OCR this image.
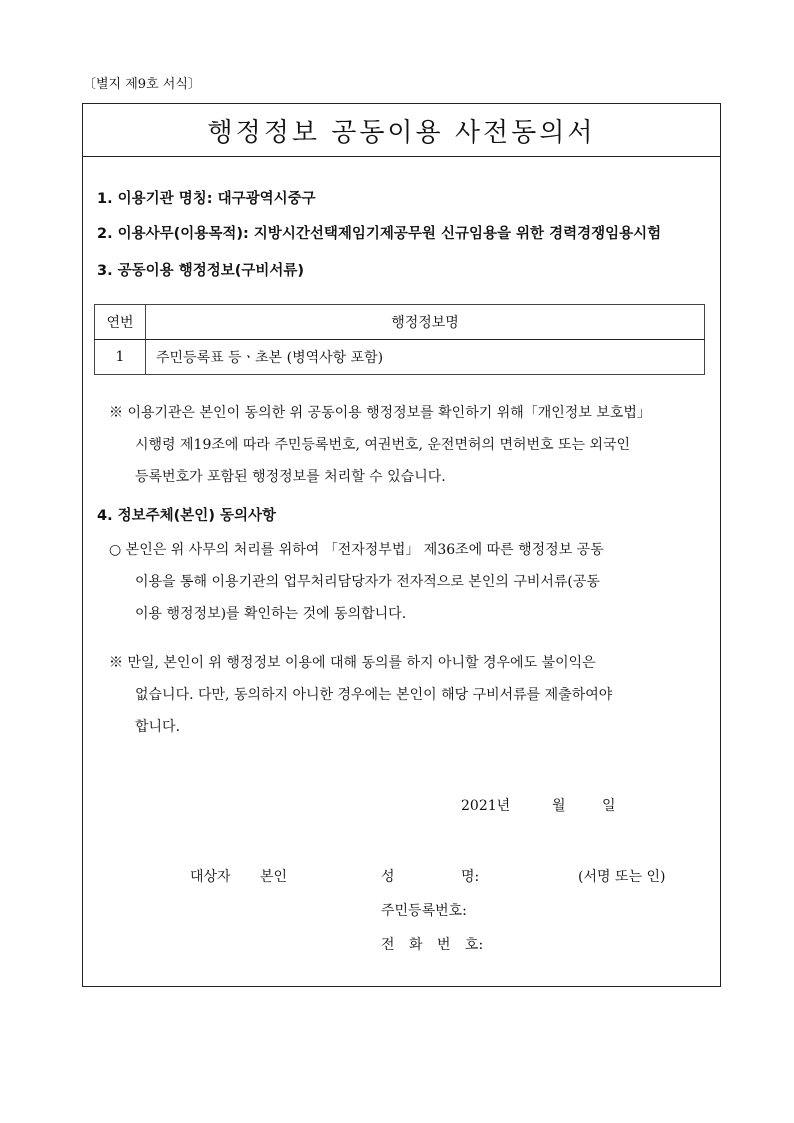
〔별지 제9호 서식〕
행정정보 공동이용 사전동의서
1. 이용기관 명칭: 대구광역시중구
2. 이용사무(이용목적): 지방시간선택제임기제공무원 신규임용을 위한 경력경쟁임용시험
3. 공동이용 행정정보(구비서류)
연번	행정정보명
1	주민등록표 등ㆍ초본 (병역사항 포함)
※ 이용기관은 본인이 동의한 위 공동이용 행정정보를 확인하기 위해「개인정보 보호법」
시행령 제19조에 따라 주민등록번호, 여권번호, 운전면허의 면허번호 또는 외국인
등록번호가 포함된 행정정보를 처리할 수 있습니다.
4. 정보주체(본인) 동의사항
○ 본인은 위 사무의 처리를 위하여 「전자정부법」 제36조에 따른 행정정보 공동
이용을 통해 이용기관의 업무처리담당자가 전자적으로 본인의 구비서류(공동
이용 행정정보)를 확인하는 것에 동의합니다.
※ 만일, 본인이 위 행정정보 이용에 대해 동의를 하지 아니할 경우에도 불이익은
없습니다. 다만, 동의하지 아니한 경우에는 본인이 해당 구비서류를 제출하여야
합니다.
2021년	월	일
대상자 본인	성 명:	(서명 또는 인)
주민등록번호:
전 화 번 호:
